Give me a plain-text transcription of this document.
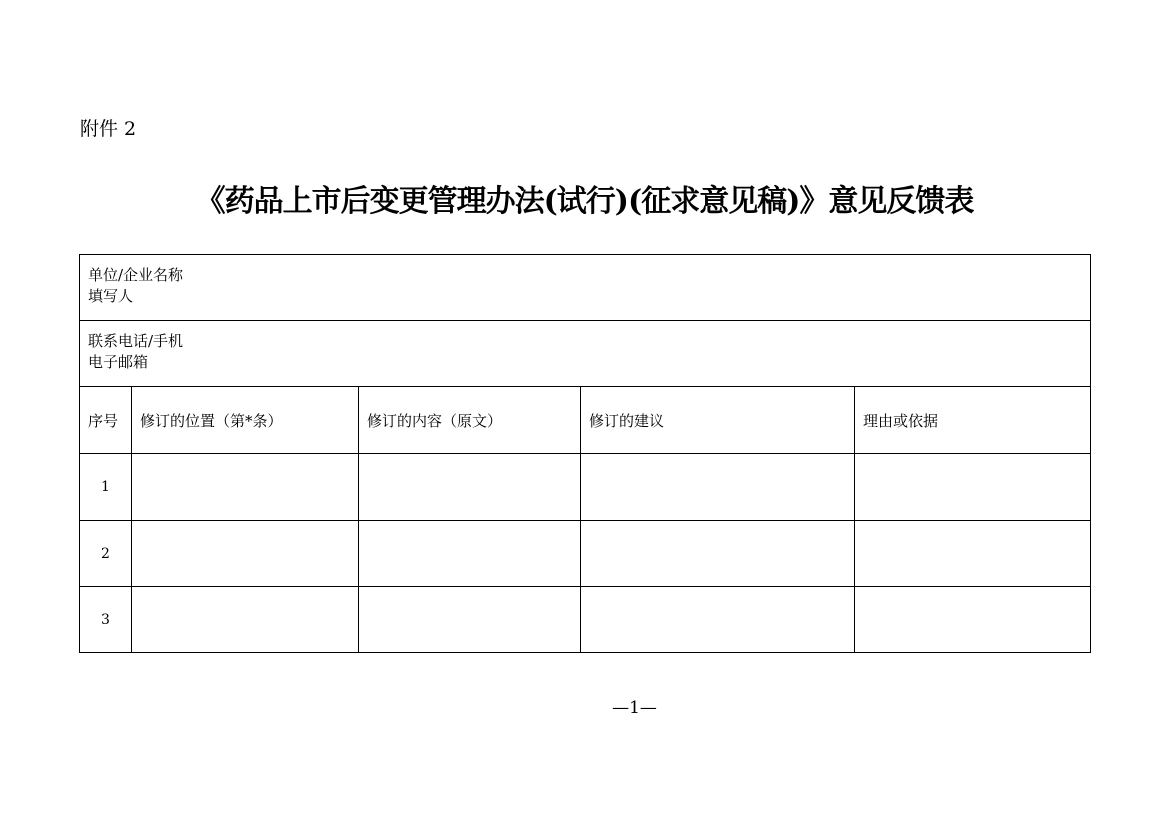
附件 2
《药品上市后变更管理办法(试行)(征求意见稿)》意见反馈表
单位/企业名称
填写人
联系电话/手机
电子邮箱
序号	修订的位置（第*条）	修订的内容（原文）	修订的建议	理由或依据
1
2
3
—1—
